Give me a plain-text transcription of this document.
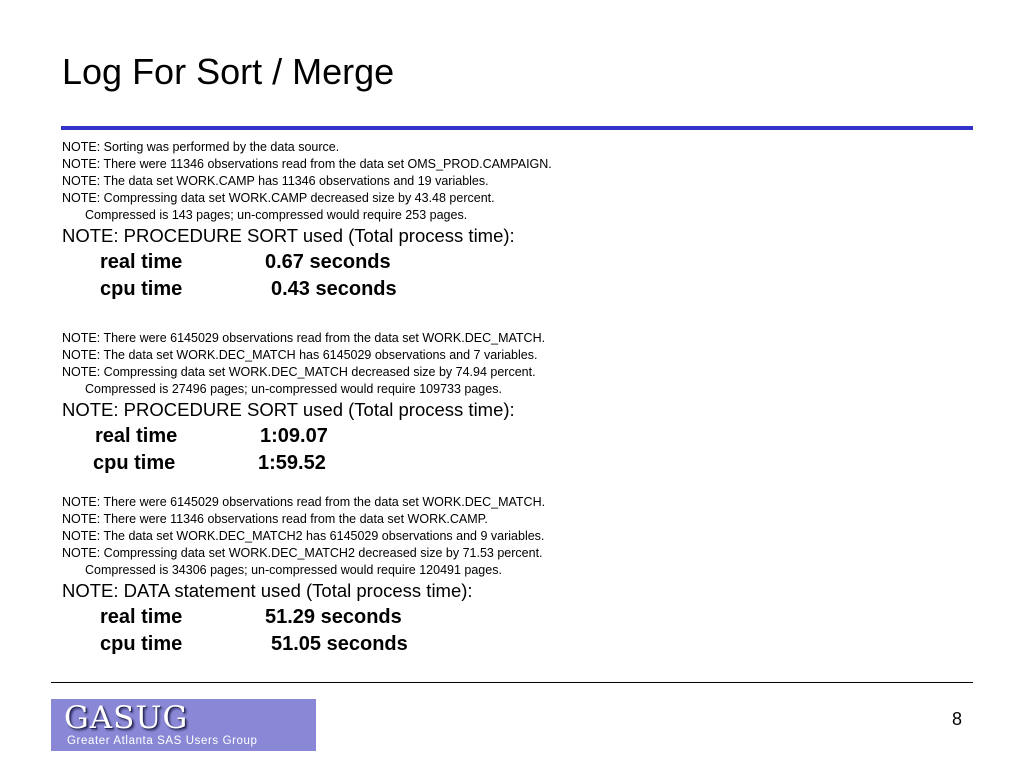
Log For Sort / Merge
NOTE: Sorting was performed by the data source.
NOTE: There were 11346 observations read from the data set OMS_PROD.CAMPAIGN.
NOTE: The data set WORK.CAMP has 11346 observations and 19 variables.
NOTE: Compressing data set WORK.CAMP decreased size by 43.48 percent.
Compressed is 143 pages; un-compressed would require 253 pages.
NOTE: PROCEDURE SORT used (Total process time):
real time	0.67 seconds
cpu time	0.43 seconds
NOTE: There were 6145029 observations read from the data set WORK.DEC_MATCH.
NOTE: The data set WORK.DEC_MATCH has 6145029 observations and 7 variables.
NOTE: Compressing data set WORK.DEC_MATCH decreased size by 74.94 percent.
Compressed is 27496 pages; un-compressed would require 109733 pages.
NOTE: PROCEDURE SORT used (Total process time):
real time	1:09.07
cpu time	1:59.52
NOTE: There were 6145029 observations read from the data set WORK.DEC_MATCH.
NOTE: There were 11346 observations read from the data set WORK.CAMP.
NOTE: The data set WORK.DEC_MATCH2 has 6145029 observations and 9 variables.
NOTE: Compressing data set WORK.DEC_MATCH2 decreased size by 71.53 percent.
Compressed is 34306 pages; un-compressed would require 120491 pages.
NOTE: DATA statement used (Total process time):
real time	51.29 seconds
cpu time	51.05 seconds
GASUG
Greater Atlanta SAS Users Group
8
